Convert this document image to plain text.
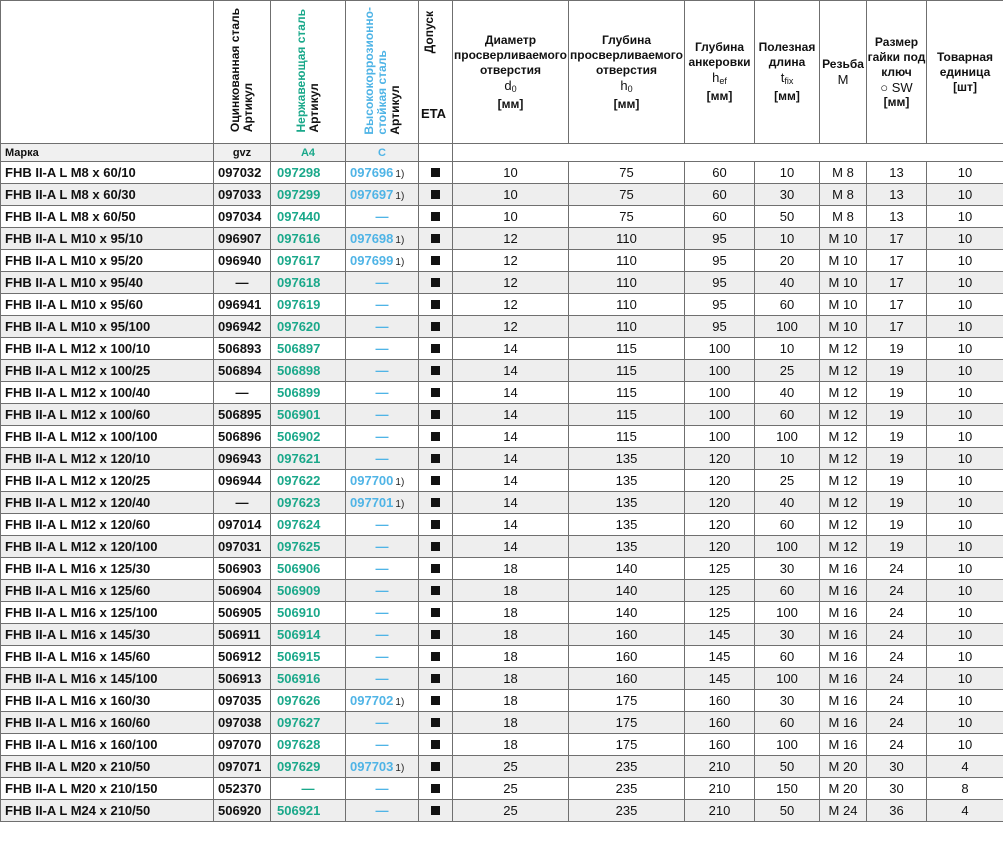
	Оцинкованная сталь Артикул	Нержавеющая сталь Артикул	Высококоррозионно- стойкая сталь Артикул	Допуск
ETA	Диаметр
просверливаемого
отверстия
$d_0$
[мм]	Глубина
просверливаемого
отверстия
$h_0$
[мм]	Глубина
анкеровки
$h_{ef}$
[мм]	Полезная
длина
$t_{fix}$
[мм]	Резьба
M	Размер
гайки под
ключ
○ SW
[мм]	Товарная
единица
[шт]

Марка	gvz	A4	C								
FHB II-A L M8 x 60/10	097032	097298	097696 1)		10	75	60	10	M 8	13	10
FHB II-A L M8 x 60/30	097033	097299	097697 1)		10	75	60	30	M 8	13	10
FHB II-A L M8 x 60/50	097034	097440	—		10	75	60	50	M 8	13	10
FHB II-A L M10 x 95/10	096907	097616	097698 1)		12	110	95	10	M 10	17	10
FHB II-A L M10 x 95/20	096940	097617	097699 1)		12	110	95	20	M 10	17	10
FHB II-A L M10 x 95/40	—	097618	—		12	110	95	40	M 10	17	10
FHB II-A L M10 x 95/60	096941	097619	—		12	110	95	60	M 10	17	10
FHB II-A L M10 x 95/100	096942	097620	—		12	110	95	100	M 10	17	10
FHB II-A L M12 x 100/10	506893	506897	—		14	115	100	10	M 12	19	10
FHB II-A L M12 x 100/25	506894	506898	—		14	115	100	25	M 12	19	10
FHB II-A L M12 x 100/40	—	506899	—		14	115	100	40	M 12	19	10
FHB II-A L M12 x 100/60	506895	506901	—		14	115	100	60	M 12	19	10
FHB II-A L M12 x 100/100	506896	506902	—		14	115	100	100	M 12	19	10
FHB II-A L M12 x 120/10	096943	097621	—		14	135	120	10	M 12	19	10
FHB II-A L M12 x 120/25	096944	097622	097700 1)		14	135	120	25	M 12	19	10
FHB II-A L M12 x 120/40	—	097623	097701 1)		14	135	120	40	M 12	19	10
FHB II-A L M12 x 120/60	097014	097624	—		14	135	120	60	M 12	19	10
FHB II-A L M12 x 120/100	097031	097625	—		14	135	120	100	M 12	19	10
FHB II-A L M16 x 125/30	506903	506906	—		18	140	125	30	M 16	24	10
FHB II-A L M16 x 125/60	506904	506909	—		18	140	125	60	M 16	24	10
FHB II-A L M16 x 125/100	506905	506910	—		18	140	125	100	M 16	24	10
FHB II-A L M16 x 145/30	506911	506914	—		18	160	145	30	M 16	24	10
FHB II-A L M16 x 145/60	506912	506915	—		18	160	145	60	M 16	24	10
FHB II-A L M16 x 145/100	506913	506916	—		18	160	145	100	M 16	24	10
FHB II-A L M16 x 160/30	097035	097626	097702 1)		18	175	160	30	M 16	24	10
FHB II-A L M16 x 160/60	097038	097627	—		18	175	160	60	M 16	24	10
FHB II-A L M16 x 160/100	097070	097628	—		18	175	160	100	M 16	24	10
FHB II-A L M20 x 210/50	097071	097629	097703 1)		25	235	210	50	M 20	30	4
FHB II-A L M20 x 210/150	052370	—	—		25	235	210	150	M 20	30	8
FHB II-A L M24 x 210/50	506920	506921	—		25	235	210	50	M 24	36	4
